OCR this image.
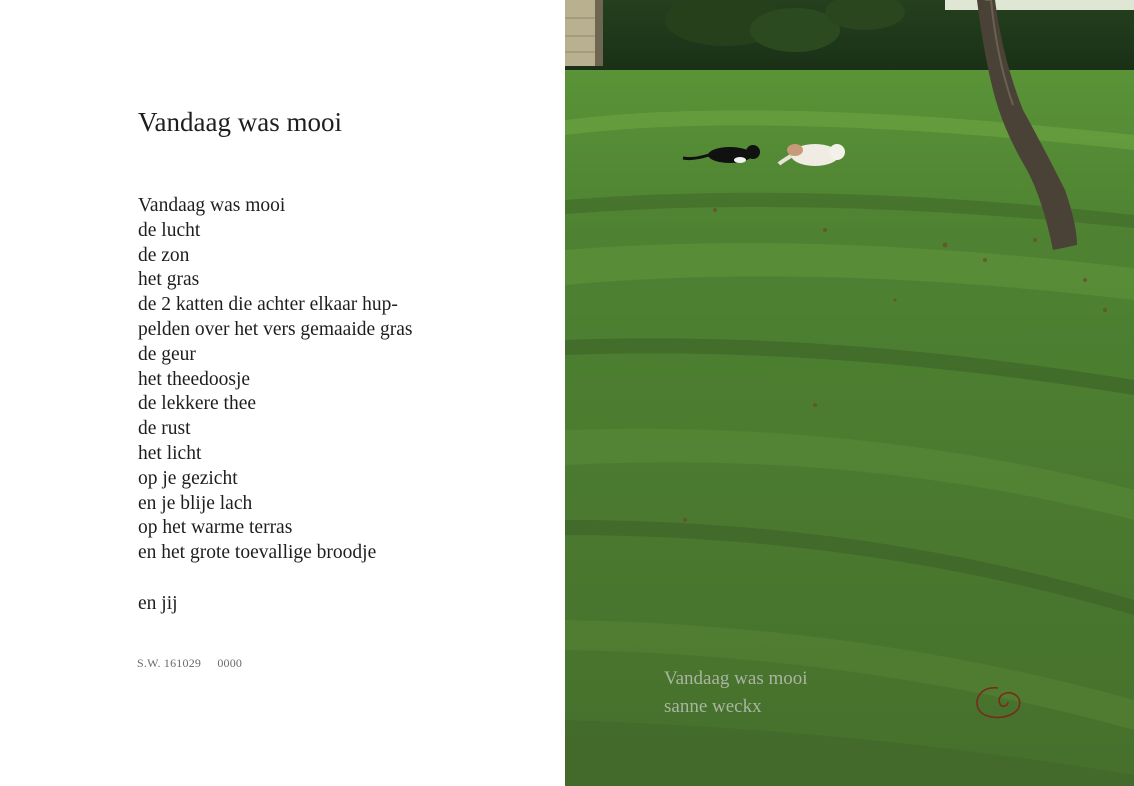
Vandaag was mooi
Vandaag was mooi
de lucht
de zon
het gras
de 2 katten die achter elkaar hup-
pelden over het vers gemaaide gras
de geur
het theedoosje
de lekkere thee
de rust
het licht
op je gezicht
en je blije lach
op het warme terras
en het grote toevallige broodje

en jij

S.W. 161029 0000
Vandaag was mooi
sanne weckx
